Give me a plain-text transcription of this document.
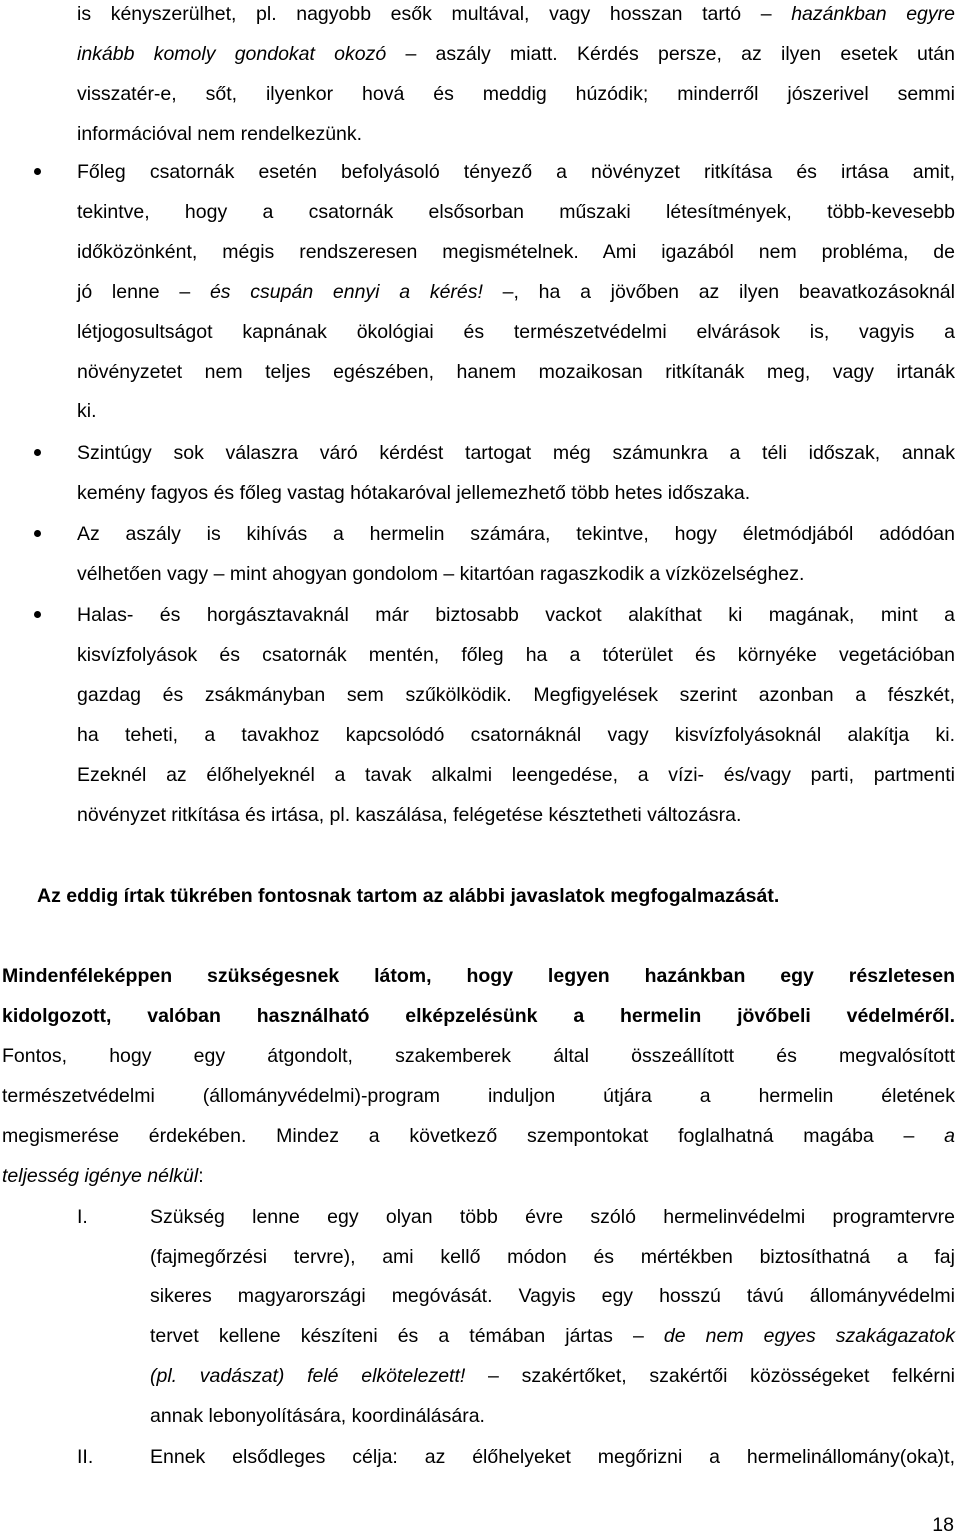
is kényszerülhet, pl. nagyobb esők multával, vagy hosszan tartó – hazánkban egyre
inkább komoly gondokat okozó – aszály miatt. Kérdés persze, az ilyen esetek után
visszatér-e, sőt, ilyenkor hová és meddig húzódik; minderről jószerivel semmi
információval nem rendelkezünk.
Főleg csatornák esetén befolyásoló tényező a növényzet ritkítása és irtása amit,
tekintve, hogy a csatornák elsősorban műszaki létesítmények, több-kevesebb
időközönként, mégis rendszeresen megismételnek. Ami igazából nem probléma, de
jó lenne – és csupán ennyi a kérés! –, ha a jövőben az ilyen beavatkozásoknál
létjogosultságot kapnának ökológiai és természetvédelmi elvárások is, vagyis a
növényzetet nem teljes egészében, hanem mozaikosan ritkítanák meg, vagy irtanák
ki.
Szintúgy sok válaszra váró kérdést tartogat még számunkra a téli időszak, annak
kemény fagyos és főleg vastag hótakaróval jellemezhető több hetes időszaka.
Az aszály is kihívás a hermelin számára, tekintve, hogy életmódjából adódóan
vélhetően vagy – mint ahogyan gondolom – kitartóan ragaszkodik a vízközelséghez.
Halas- és horgásztavaknál már biztosabb vackot alakíthat ki magának, mint a
kisvízfolyások és csatornák mentén, főleg ha a tóterület és környéke vegetációban
gazdag és zsákmányban sem szűkölködik. Megfigyelések szerint azonban a fészkét,
ha teheti, a tavakhoz kapcsolódó csatornáknál vagy kisvízfolyásoknál alakítja ki.
Ezeknél az élőhelyeknél a tavak alkalmi leengedése, a vízi- és/vagy parti, partmenti
növényzet ritkítása és irtása, pl. kaszálása, felégetése késztetheti változásra.
Az eddig írtak tükrében fontosnak tartom az alábbi javaslatok megfogalmazását.
Mindenféleképpen szükségesnek látom, hogy legyen hazánkban egy részletesen
kidolgozott, valóban használható elképzelésünk a hermelin jövőbeli védelméről.
Fontos, hogy egy átgondolt, szakemberek által összeállított és megvalósított
természetvédelmi (állományvédelmi)-program induljon útjára a hermelin életének
megismerése érdekében. Mindez a következő szempontokat foglalhatná magába – a
teljesség igénye nélkül:
I.	Szükség lenne egy olyan több évre szóló hermelinvédelmi programtervre
(fajmegőrzési tervre), ami kellő módon és mértékben biztosíthatná a faj
sikeres magyarországi megóvását. Vagyis egy hosszú távú állományvédelmi
tervet kellene készíteni és a témában jártas – de nem egyes szakágazatok
(pl. vadászat) felé elkötelezett! – szakértőket, szakértői közösségeket felkérni
annak lebonyolítására, koordinálására.
II.	Ennek elsődleges célja: az élőhelyeket megőrizni a hermelinállomány(oka)t,
18
